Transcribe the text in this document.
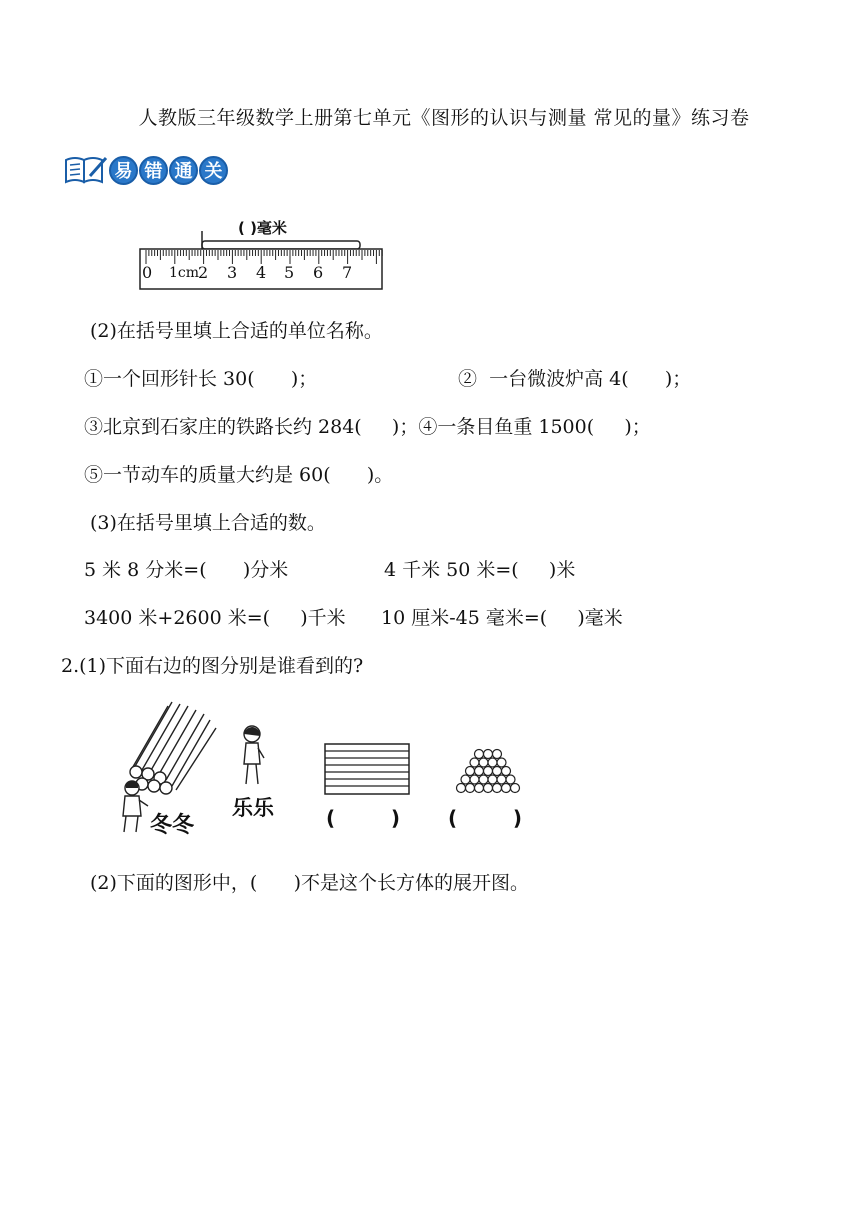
人教版三年级数学上册第七单元《图形的认识与测量 常见的量》练习卷
易 错 通 关
( )毫米
0 1cm
2 3 4 5 6 7
(2)在括号里填上合适的单位名称。
①一个回形针长 30(      )；	②  一台微波炉高 4(      )；
③北京到石家庄的铁路长约 284(     )；④一条目鱼重 1500(     )；
⑤一节动车的质量大约是 60(      )。
(3)在括号里填上合适的数。
5 米 8 分米=(      )分米	4 千米 50 米=(     )米
3400 米+2600 米=(     )千米 10 厘米-45 毫米=(     )毫米
2.(1)下面右边的图分别是谁看到的?
冬冬
乐乐	(        ) (        )
(2)下面的图形中，(      )不是这个长方体的展开图。
